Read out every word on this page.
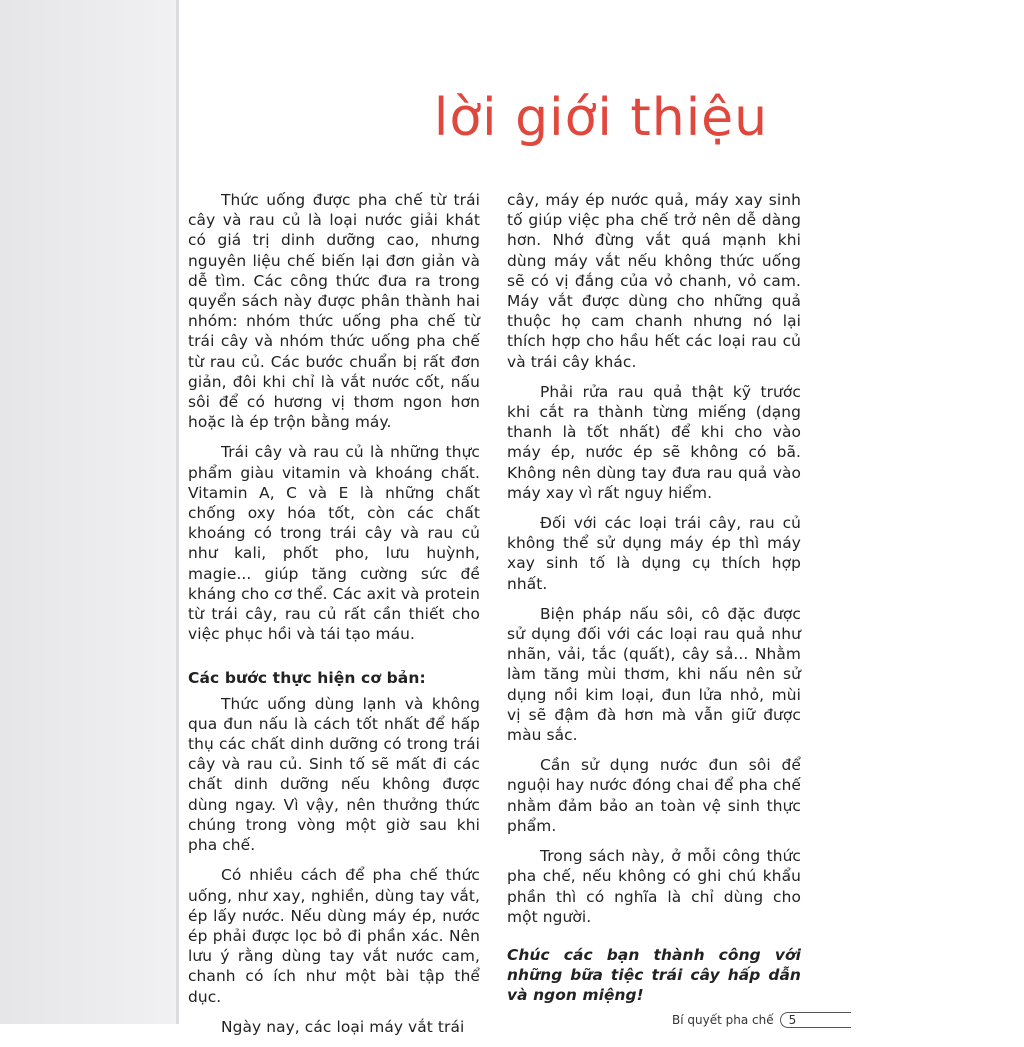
lời giới thiệu

Thức uống được pha chế từ trái cây và rau củ là loại nước giải khát có giá trị dinh dưỡng cao, nhưng nguyên liệu chế biến lại đơn giản và dễ tìm. Các công thức đưa ra trong quyển sách này được phân thành hai nhóm: nhóm thức uống pha chế từ trái cây và nhóm thức uống pha chế từ rau củ. Các bước chuẩn bị rất đơn giản, đôi khi chỉ là vắt nước cốt, nấu sôi để có hương vị thơm ngon hơn hoặc là ép trộn bằng máy.

Trái cây và rau củ là những thực phẩm giàu vitamin và khoáng chất. Vitamin A, C và E là những chất chống oxy hóa tốt, còn các chất khoáng có trong trái cây và rau củ như kali, phốt pho, lưu huỳnh, magie... giúp tăng cường sức đề kháng cho cơ thể. Các axit và protein từ trái cây, rau củ rất cần thiết cho việc phục hồi và tái tạo máu.

Các bước thực hiện cơ bản:

Thức uống dùng lạnh và không qua đun nấu là cách tốt nhất để hấp thụ các chất dinh dưỡng có trong trái cây và rau củ. Sinh tố sẽ mất đi các chất dinh dưỡng nếu không được dùng ngay. Vì vậy, nên thưởng thức chúng trong vòng một giờ sau khi pha chế.

Có nhiều cách để pha chế thức uống, như xay, nghiền, dùng tay vắt, ép lấy nước. Nếu dùng máy ép, nước ép phải được lọc bỏ đi phần xác. Nên lưu ý rằng dùng tay vắt nước cam, chanh có ích như một bài tập thể dục.

Ngày nay, các loại máy vắt trái

cây, máy ép nước quả, máy xay sinh tố giúp việc pha chế trở nên dễ dàng hơn. Nhớ đừng vắt quá mạnh khi dùng máy vắt nếu không thức uống sẽ có vị đắng của vỏ chanh, vỏ cam. Máy vắt được dùng cho những quả thuộc họ cam chanh nhưng nó lại thích hợp cho hầu hết các loại rau củ và trái cây khác.

Phải rửa rau quả thật kỹ trước khi cắt ra thành từng miếng (dạng thanh là tốt nhất) để khi cho vào máy ép, nước ép sẽ không có bã. Không nên dùng tay đưa rau quả vào máy xay vì rất nguy hiểm.

Đối với các loại trái cây, rau củ không thể sử dụng máy ép thì máy xay sinh tố là dụng cụ thích hợp nhất.

Biện pháp nấu sôi, cô đặc được sử dụng đối với các loại rau quả như nhãn, vải, tắc (quất), cây sả... Nhằm làm tăng mùi thơm, khi nấu nên sử dụng nồi kim loại, đun lửa nhỏ, mùi vị sẽ đậm đà hơn mà vẫn giữ được màu sắc.

Cần sử dụng nước đun sôi để nguội hay nước đóng chai để pha chế nhằm đảm bảo an toàn vệ sinh thực phẩm.

Trong sách này, ở mỗi công thức pha chế, nếu không có ghi chú khẩu phần thì có nghĩa là chỉ dùng cho một người.

Chúc các bạn thành công với những bữa tiệc trái cây hấp dẫn và ngon miệng!

Bí quyết pha chế	5
